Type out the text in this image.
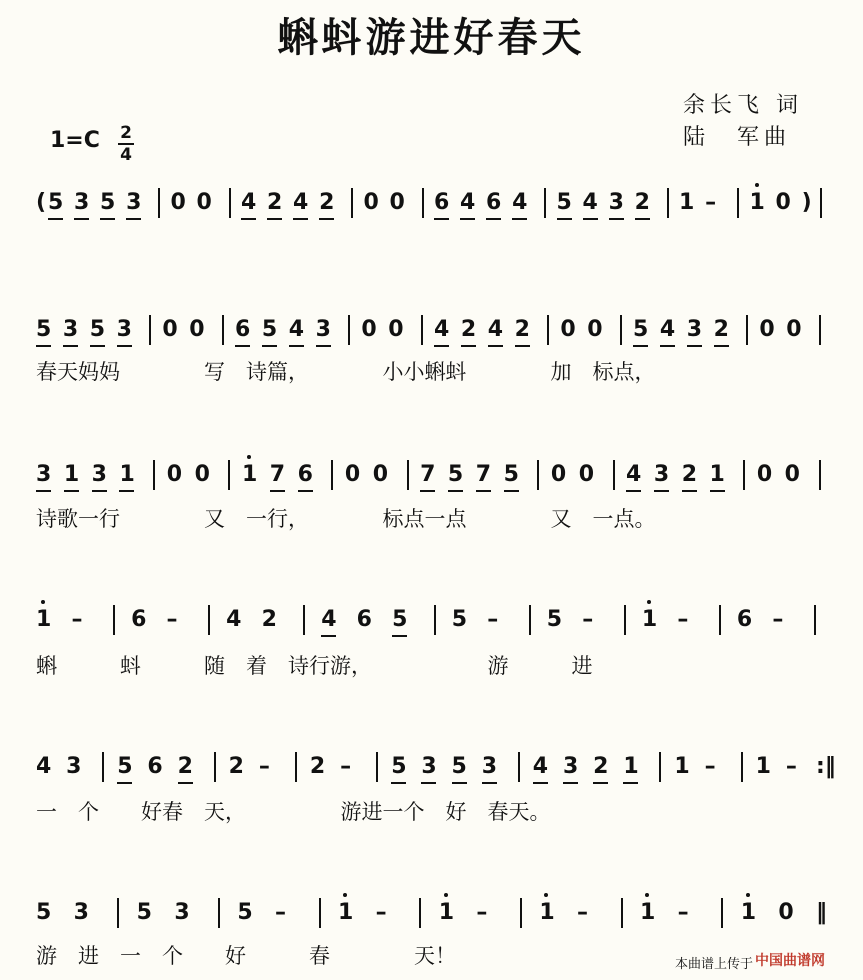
蝌蚪游进好春天
余长飞 词
陆　军曲
1=C 2
4
( 5 3 5 3 0 0 4 2 4 2 0 0 6 4 6 4 5 4 3 2 1 – 1 0 )
5 3 5 3 0 0 6 5 4 3 0 0 4 2 4 2 0 0 5 4 3 2 0 0
3 1 3 1 0 0 1 7 6 0 0 7 5 7 5 0 0 4 3 2 1 0 0
1 – 6 – 4 2 4 6 5 5 – 5 – 1 – 6 –
4 3 5 6 2 2 – 2 – 5 3 5 3 4 3 2 1 1 – 1 – :‖
5 3 5 3 5 – 1 – 1 – 1 – 1 – 1 0 ‖
春天妈妈　　　　写　诗篇，　　　　小小蝌蚪　　　　加　标点，
诗歌一行　　　　又　一行，　　　　标点一点　　　　又　一点。
蝌　　　蚪　　　随　着　诗行游，　　　　　　游　　　进
一　个　　好春　天，　　　　　游进一个　好　春天。
游　进　一　个　　好　　　春　　　　天！	本曲谱上传于 中国曲谱网
